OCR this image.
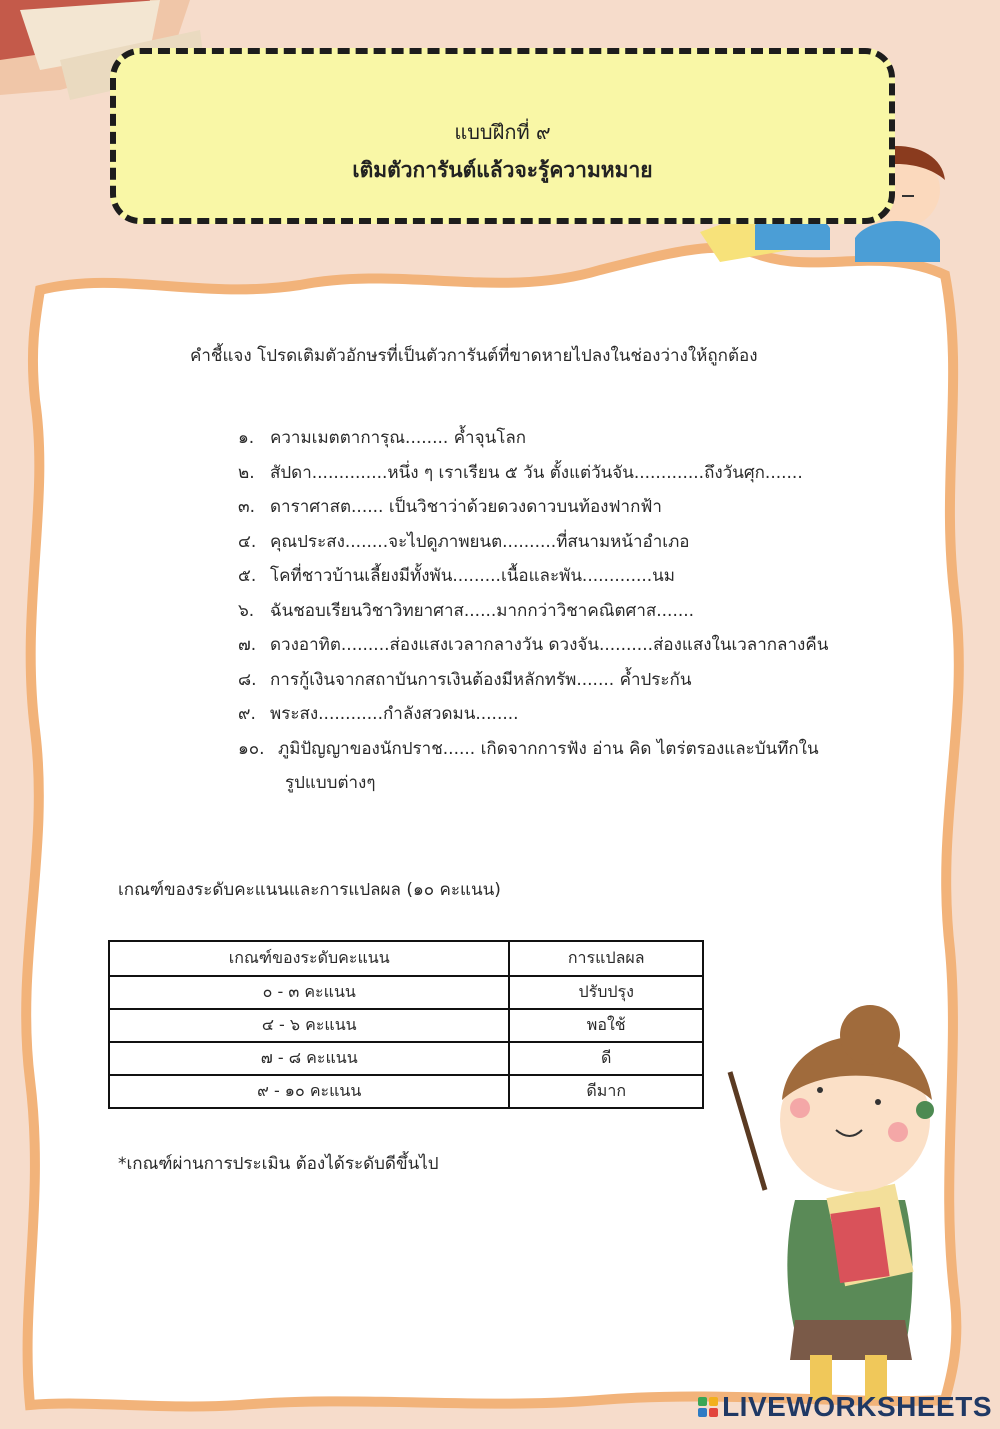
แบบฝึกที่ ๙
เติมตัวการันต์แล้วจะรู้ความหมาย
คำชี้แจง โปรดเติมตัวอักษรที่เป็นตัวการันต์ที่ขาดหายไปลงในช่องว่างให้ถูกต้อง
๑. ความเมตตาการุณ........ ค้ำจุนโลก
๒. สัปดา..............หนึ่ง ๆ เราเรียน ๕ วัน ตั้งแต่วันจัน.............ถึงวันศุก.......
๓. ดาราศาสต...... เป็นวิชาว่าด้วยดวงดาวบนท้องฟากฟ้า
๔. คุณประสง........จะไปดูภาพยนต..........ที่สนามหน้าอำเภอ
๕. โคที่ชาวบ้านเลี้ยงมีทั้งพัน.........เนื้อและพัน.............นม
๖. ฉันชอบเรียนวิชาวิทยาศาส......มากกว่าวิชาคณิตศาส.......
๗. ดวงอาทิต.........ส่องแสงเวลากลางวัน ดวงจัน..........ส่องแสงในเวลากลางคืน
๘. การกู้เงินจากสถาบันการเงินต้องมีหลักทรัพ....... ค้ำประกัน
๙. พระสง............กำลังสวดมน........
๑๐. ภูมิปัญญาของนักปราช...... เกิดจากการฟัง อ่าน คิด ไตร่ตรองและบันทึกใน
รูปแบบต่างๆ
เกณฑ์ของระดับคะแนนและการแปลผล (๑๐ คะแนน)
เกณฑ์ของระดับคะแนน	การแปลผล
๐ - ๓ คะแนน	ปรับปรุง
๔ - ๖ คะแนน	พอใช้
๗ - ๘ คะแนน	ดี
๙ - ๑๐ คะแนน	ดีมาก
*เกณฑ์ผ่านการประเมิน ต้องได้ระดับดีขึ้นไป
LIVEWORKSHEETS
